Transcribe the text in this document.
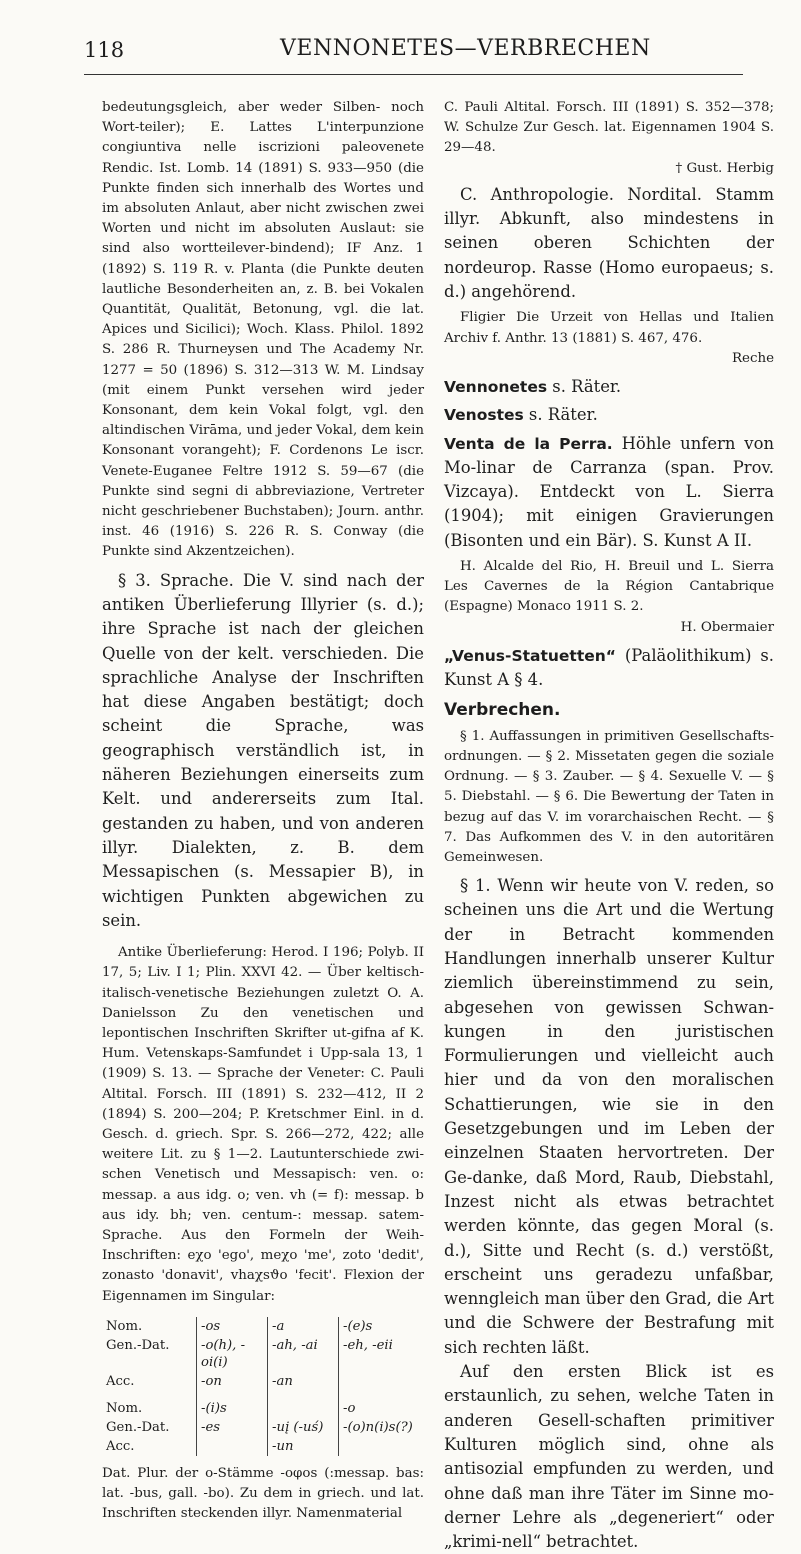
118	VENNONETES—VERBRECHEN

bedeutungsgleich, aber weder Silben- noch Wort-teiler); E. Lattes L'interpunzione congiuntiva nelle iscrizioni paleovenete Rendic. Ist. Lomb. 14 (1891) S. 933—950 (die Punkte finden sich innerhalb des Wortes und im absoluten Anlaut, aber nicht zwischen zwei Worten und nicht im absoluten Auslaut: sie sind also wortteilever-bindend); IF Anz. 1 (1892) S. 119 R. v. Planta (die Punkte deuten lautliche Besonderheiten an, z. B. bei Vokalen Quantität, Qualität, Betonung, vgl. die lat. Apices und Sicilici); Woch. Klass. Philol. 1892 S. 286 R. Thurneysen und The Academy Nr. 1277 = 50 (1896) S. 312—313 W. M. Lindsay (mit einem Punkt versehen wird jeder Konsonant, dem kein Vokal folgt, vgl. den altindischen Virāma, und jeder Vokal, dem kein Konsonant vorangeht); F. Cordenons Le iscr. Venete-Euganee Feltre 1912 S. 59—67 (die Punkte sind segni di abbreviazione, Vertreter nicht geschriebener Buchstaben); Journ. anthr. inst. 46 (1916) S. 226 R. S. Conway (die Punkte sind Akzentzeichen).

§ 3. Sprache. Die V. sind nach der antiken Überlieferung Illyrier (s. d.); ihre Sprache ist nach der gleichen Quelle von der kelt. verschieden. Die sprachliche Analyse der Inschriften hat diese Angaben bestätigt; doch scheint die Sprache, was geographisch verständlich ist, in näheren Beziehungen einerseits zum Kelt. und andererseits zum Ital. gestanden zu haben, und von anderen illyr. Dialekten, z. B. dem Messapischen (s. Messapier B), in wichtigen Punkten abgewichen zu sein.

Antike Überlieferung: Herod. I 196; Polyb. II 17, 5; Liv. I 1; Plin. XXVI 42. — Über keltisch-italisch-venetische Beziehungen zuletzt O. A. Danielsson Zu den venetischen und lepontischen Inschriften Skrifter ut-gifna af K. Hum. Vetenskaps-Samfundet i Upp-sala 13, 1 (1909) S. 13. — Sprache der Veneter: C. Pauli Altital. Forsch. III (1891) S. 232—412, II 2 (1894) S. 200—204; P. Kretschmer Einl. in d. Gesch. d. griech. Spr. S. 266—272, 422; alle weitere Lit. zu § 1—2. Lautunterschiede zwi-schen Venetisch und Messapisch: ven. o: messap. a aus idg. o; ven. vh (= f): messap. b aus idy. bh; ven. centum-: messap. satem-Sprache. Aus den Formeln der Weih-Inschriften: eχo 'ego', meχo 'me', zoto 'dedit', zonasto 'donavit', vhaχsϑo 'fecit'. Flexion der Eigennamen im Singular:

Nom.	-os	-a	-(e)s
Gen.-Dat.	-o(h), -oi(i)	-ah, -ai	-eh, -eii
Acc.	-on	-an	

Nom.	-(i)s		-o
Gen.-Dat.	-es	-uį (-uś)	-(o)n(i)s(?)
Acc.		-un	

Dat. Plur. der o-Stämme -oφos (:messap. bas: lat. -bus, gall. -bo). Zu dem in griech. und lat. Inschriften steckenden illyr. Namenmaterial

C. Pauli Altital. Forsch. III (1891) S. 352—378; W. Schulze Zur Gesch. lat. Eigennamen 1904 S. 29—48.

† Gust. Herbig

C. Anthropologie. Nordital. Stamm illyr. Abkunft, also mindestens in seinen oberen Schichten der nordeurop. Rasse (Homo europaeus; s. d.) angehörend.

Fligier Die Urzeit von Hellas und Italien Archiv f. Anthr. 13 (1881) S. 467, 476.

Reche

Vennonetes s. Räter.

Venostes s. Räter.

Venta de la Perra. Höhle unfern von Mo-linar de Carranza (span. Prov. Vizcaya). Entdeckt von L. Sierra (1904); mit einigen Gravierungen (Bisonten und ein Bär). S. Kunst A II.

H. Alcalde del Rio, H. Breuil und L. Sierra Les Cavernes de la Région Cantabrique (Espagne) Monaco 1911 S. 2.

H. Obermaier

„Venus-Statuetten“ (Paläolithikum) s. Kunst A § 4.

Verbrechen.

§ 1. Auffassungen in primitiven Gesellschafts-ordnungen. — § 2. Missetaten gegen die soziale Ordnung. — § 3. Zauber. — § 4. Sexuelle V. — § 5. Diebstahl. — § 6. Die Bewertung der Taten in bezug auf das V. im vorarchaischen Recht. — § 7. Das Aufkommen des V. in den autoritären Gemeinwesen.

§ 1. Wenn wir heute von V. reden, so scheinen uns die Art und die Wertung der in Betracht kommenden Handlungen innerhalb unserer Kultur ziemlich übereinstimmend zu sein, abgesehen von gewissen Schwan-kungen in den juristischen Formulierungen und vielleicht auch hier und da von den moralischen Schattierungen, wie sie in den Gesetzgebungen und im Leben der einzelnen Staaten hervortreten. Der Ge-danke, daß Mord, Raub, Diebstahl, Inzest nicht als etwas betrachtet werden könnte, das gegen Moral (s. d.), Sitte und Recht (s. d.) verstößt, erscheint uns geradezu unfaßbar, wenngleich man über den Grad, die Art und die Schwere der Bestrafung mit sich rechten läßt.

Auf den ersten Blick ist es erstaunlich, zu sehen, welche Taten in anderen Gesell-schaften primitiver Kulturen möglich sind, ohne als antisozial empfunden zu werden, und ohne daß man ihre Täter im Sinne mo-derner Lehre als „degeneriert“ oder „krimi-nell“ betrachtet.
